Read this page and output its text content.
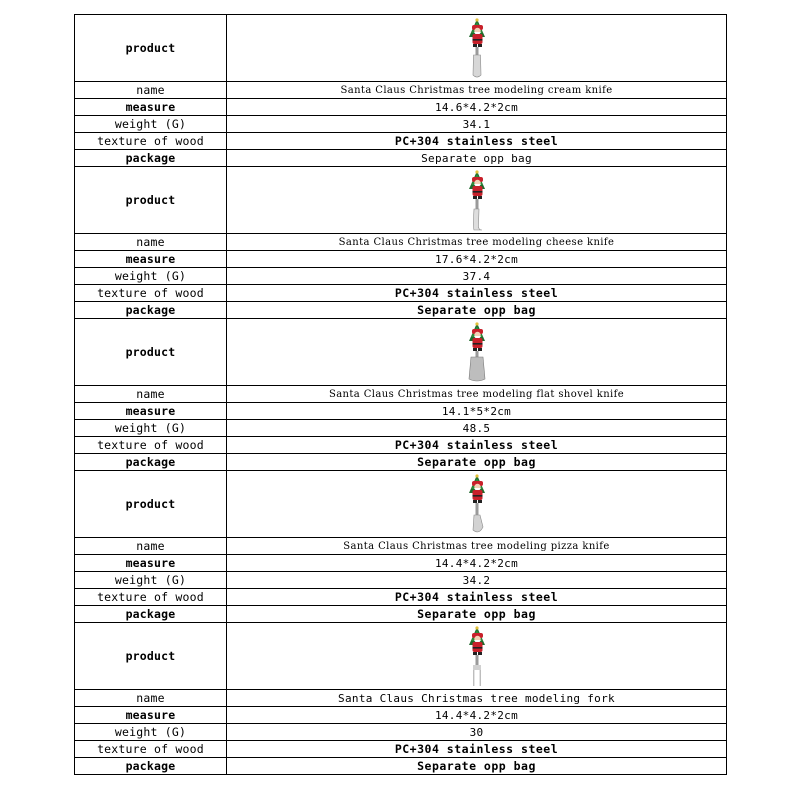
product	

name	Santa Claus Christmas tree modeling cream knife
measure	14.6*4.2*2cm
weight (G)	34.1
texture of wood	PC+304 stainless steel
package	Separate opp bag
product	

name	Santa Claus Christmas tree modeling cheese knife
measure	17.6*4.2*2cm
weight (G)	37.4
texture of wood	PC+304 stainless steel
package	Separate opp bag
product	

name	Santa Claus Christmas tree modeling flat shovel knife
measure	14.1*5*2cm
weight (G)	48.5
texture of wood	PC+304 stainless steel
package	Separate opp bag
product	

name	Santa Claus Christmas tree modeling pizza knife
measure	14.4*4.2*2cm
weight (G)	34.2
texture of wood	PC+304 stainless steel
package	Separate opp bag
product	

name	Santa Claus Christmas tree modeling fork
measure	14.4*4.2*2cm
weight (G)	30
texture of wood	PC+304 stainless steel
package	Separate opp bag
